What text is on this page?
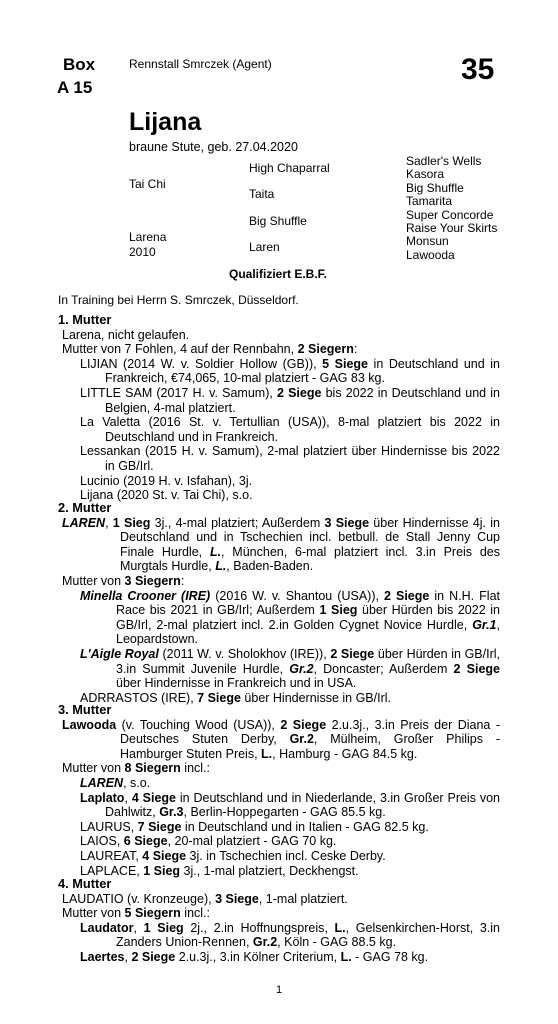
Box
A 15
Rennstall Smrczek (Agent)	35
Lijana
braune Stute, geb. 27.04.2020
Tai Chi
High Chaparral
Taita
Larena
2010
Big Shuffle
Laren
Sadler's Wells
Kasora
Big Shuffle
Tamarita
Super Concorde
Raise Your Skirts
Monsun
Lawooda
Qualifiziert E.B.F.
In Training bei Herrn S. Smrczek, Düsseldorf.
1. Mutter

Larena, nicht gelaufen.

Mutter von 7 Fohlen, 4 auf der Rennbahn, 2 Siegern:

LIJIAN (2014 W. v. Soldier Hollow (GB)), 5 Siege in Deutschland und in Frankreich, €74,065, 10-mal platziert - GAG 83 kg.

LITTLE SAM (2017 H. v. Samum), 2 Siege bis 2022 in Deutschland und in Belgien, 4-mal platziert.

La Valetta (2016 St. v. Tertullian (USA)), 8-mal platziert bis 2022 in Deutschland und in Frankreich.

Lessankan (2015 H. v. Samum), 2-mal platziert über Hindernisse bis 2022 in GB/Irl.

Lucinio (2019 H. v. Isfahan), 3j.

Lijana (2020 St. v. Tai Chi), s.o.

2. Mutter

LAREN, 1 Sieg 3j., 4-mal platziert; Außerdem 3 Siege über Hindernisse 4j. in Deutschland und in Tschechien incl. betbull. de Stall Jenny Cup Finale Hurdle, L., München, 6-mal platziert incl. 3.in Preis des Murgtals Hurdle, L., Baden-Baden.

Mutter von 3 Siegern:

Minella Crooner (IRE) (2016 W. v. Shantou (USA)), 2 Siege in N.H. Flat Race bis 2021 in GB/Irl; Außerdem 1 Sieg über Hürden bis 2022 in GB/Irl, 2-mal platziert incl. 2.in Golden Cygnet Novice Hurdle, Gr.1, Leopardstown.

L'Aigle Royal (2011 W. v. Sholokhov (IRE)), 2 Siege über Hürden in GB/Irl, 3.in Summit Juvenile Hurdle, Gr.2, Doncaster; Außerdem 2 Siege über Hindernisse in Frankreich und in USA.

ADRRASTOS (IRE), 7 Siege über Hindernisse in GB/Irl.

3. Mutter

Lawooda (v. Touching Wood (USA)), 2 Siege 2.u.3j., 3.in Preis der Diana - Deutsches Stuten Derby, Gr.2, Mülheim, Großer Philips - Hamburger Stuten Preis, L., Hamburg - GAG 84.5 kg.

Mutter von 8 Siegern incl.:

LAREN, s.o.

Laplato, 4 Siege in Deutschland und in Niederlande, 3.in Großer Preis von Dahlwitz, Gr.3, Berlin-Hoppegarten - GAG 85.5 kg.

LAURUS, 7 Siege in Deutschland und in Italien - GAG 82.5 kg.

LAIOS, 6 Siege, 20-mal platziert - GAG 70 kg.

LAUREAT, 4 Siege 3j. in Tschechien incl. Ceske Derby.

LAPLACE, 1 Sieg 3j., 1-mal platziert, Deckhengst.

4. Mutter

LAUDATIO (v. Kronzeuge), 3 Siege, 1-mal platziert.

Mutter von 5 Siegern incl.:

Laudator, 1 Sieg 2j., 2.in Hoffnungspreis, L., Gelsenkirchen-Horst, 3.in Zanders Union-Rennen, Gr.2, Köln - GAG 88.5 kg.

Laertes, 2 Siege 2.u.3j., 3.in Kölner Criterium, L. - GAG 78 kg.

1
